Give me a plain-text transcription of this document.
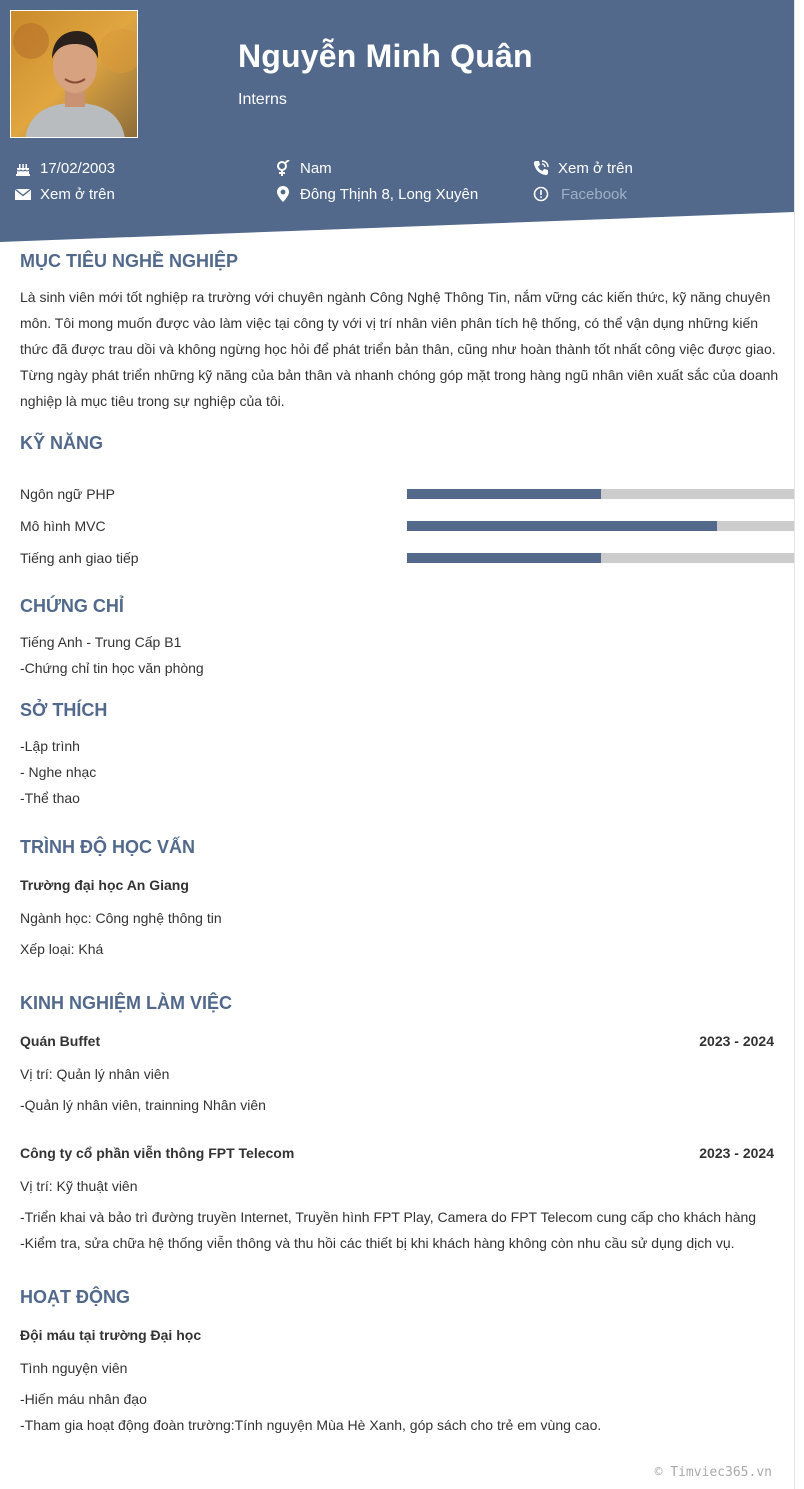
Nguyễn Minh Quân
Interns
17/02/2003	Nam	Xem ở trên
Xem ở trên	Đông Thịnh 8, Long Xuyên	Facebook
MỤC TIÊU NGHỀ NGHIỆP
Là sinh viên mới tốt nghiệp ra trường với chuyên ngành Công Nghệ Thông Tin, nắm vững các kiến thức, kỹ năng chuyên môn. Tôi mong muốn được vào làm việc tại công ty với vị trí nhân viên phân tích hệ thống, có thể vận dụng những kiến thức đã được trau dồi và không ngừng học hỏi để phát triển bản thân, cũng như hoàn thành tốt nhất công việc được giao. Từng ngày phát triển những kỹ năng của bản thân và nhanh chóng góp mặt trong hàng ngũ nhân viên xuất sắc của doanh nghiệp là mục tiêu trong sự nghiệp của tôi.
KỸ NĂNG
Ngôn ngữ PHP
Mô hình MVC
Tiếng anh giao tiếp
CHỨNG CHỈ
Tiếng Anh - Trung Cấp B1
-Chứng chỉ tin học văn phòng
SỞ THÍCH
-Lập trình
- Nghe nhạc
-Thể thao
TRÌNH ĐỘ HỌC VẤN
Trường đại học An Giang
Ngành học: Công nghệ thông tin
Xếp loại: Khá
KINH NGHIỆM LÀM VIỆC
Quán Buffet	2023 - 2024
Vị trí: Quản lý nhân viên
-Quản lý nhân viên, trainning Nhân viên
Công ty cổ phần viễn thông FPT Telecom	2023 - 2024
Vị trí: Kỹ thuật viên
-Triển khai và bảo trì đường truyền Internet, Truyền hình FPT Play, Camera do FPT Telecom cung cấp cho khách hàng
-Kiểm tra, sửa chữa hệ thống viễn thông và thu hồi các thiết bị khi khách hàng không còn nhu cầu sử dụng dịch vụ.
HOẠT ĐỘNG
Đội máu tại trường Đại học
Tình nguyện viên
-Hiến máu nhân đạo
-Tham gia hoạt động đoàn trường:Tính nguyện Mùa Hè Xanh, góp sách cho trẻ em vùng cao.
© Timviec365.vn
